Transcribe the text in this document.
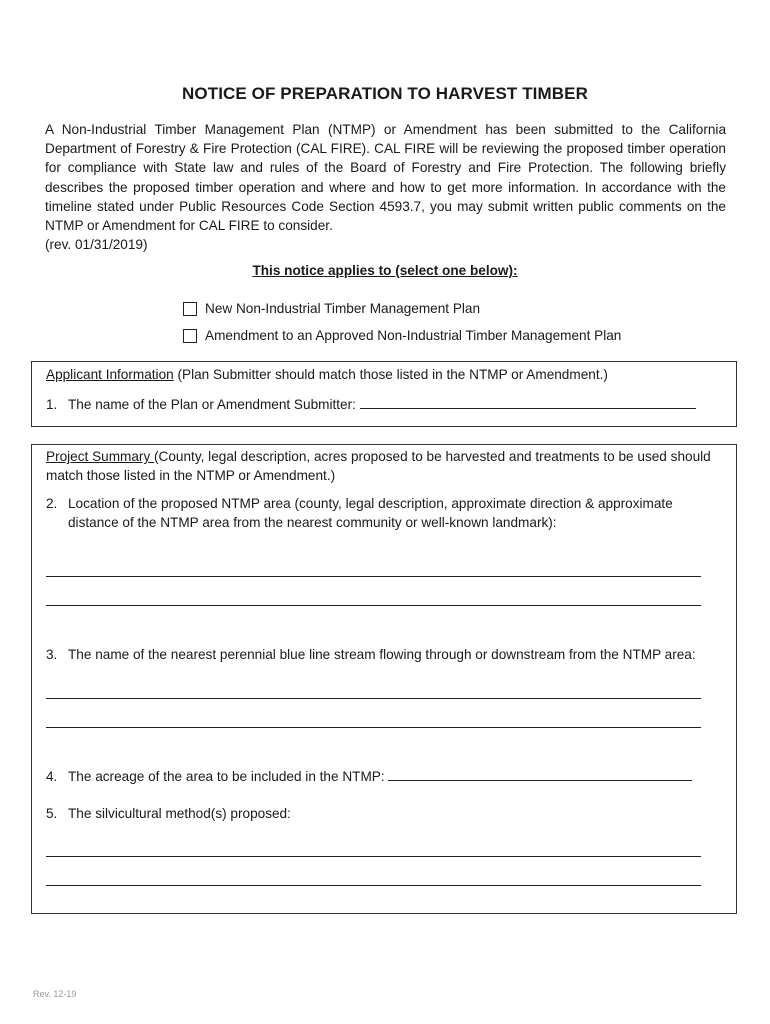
NOTICE OF PREPARATION TO HARVEST TIMBER

A Non-Industrial Timber Management Plan (NTMP) or Amendment has been submitted to the California Department of Forestry & Fire Protection (CAL FIRE). CAL FIRE will be reviewing the proposed timber operation for compliance with State law and rules of the Board of Forestry and Fire Protection. The following briefly describes the proposed timber operation and where and how to get more information. In accordance with the timeline stated under Public Resources Code Section 4593.7, you may submit written public comments on the NTMP or Amendment for CAL FIRE to consider.

(rev. 01/31/2019)

This notice applies to (select one below):
New Non-Industrial Timber Management Plan
Amendment to an Approved Non-Industrial Timber Management Plan
Applicant Information (Plan Submitter should match those listed in the NTMP or Amendment.)
1. The name of the Plan or Amendment Submitter:
Project Summary (County, legal description, acres proposed to be harvested and treatments to be used should match those listed in the NTMP or Amendment.)
2. Location of the proposed NTMP area (county, legal description, approximate direction & approximate distance of the NTMP area from the nearest community or well-known landmark):
3. The name of the nearest perennial blue line stream flowing through or downstream from the NTMP area:
4. The acreage of the area to be included in the NTMP:
5. The silvicultural method(s) proposed:
Rev. 12-19
